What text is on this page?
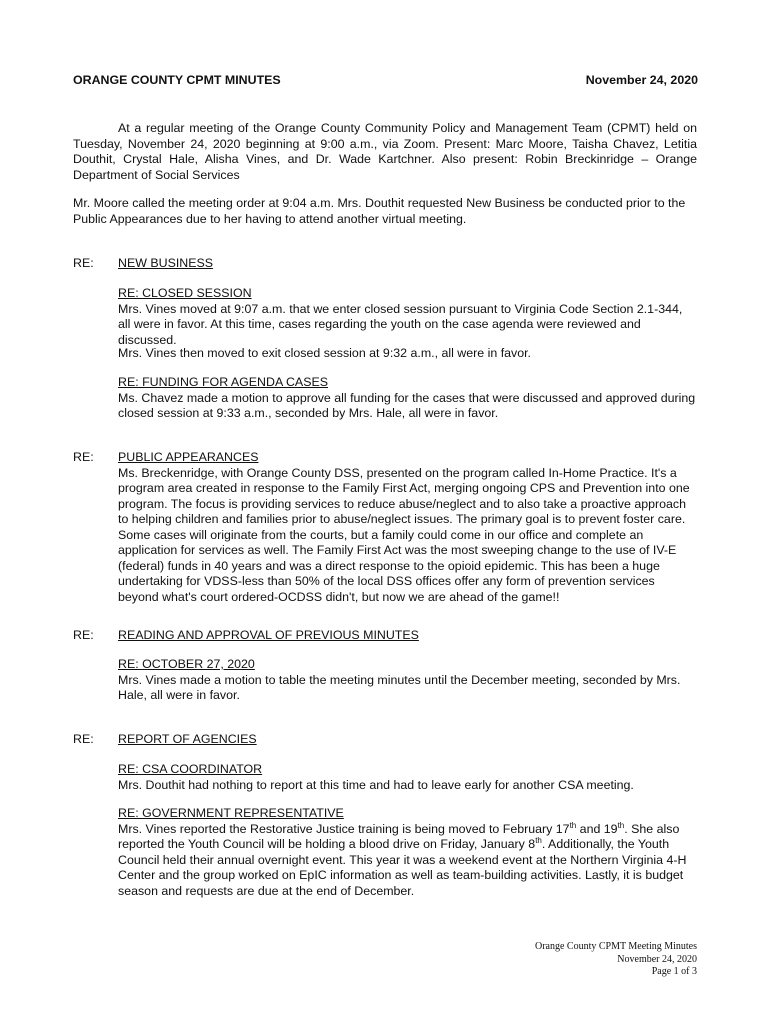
ORANGE COUNTY CPMT MINUTES	November 24, 2020

At a regular meeting of the Orange County Community Policy and Management Team (CPMT) held on Tuesday, November 24, 2020 beginning at 9:00 a.m., via Zoom. Present: Marc Moore, Taisha Chavez, Letitia Douthit, Crystal Hale, Alisha Vines, and Dr. Wade Kartchner. Also present: Robin Breckinridge – Orange Department of Social Services

Mr. Moore called the meeting order at 9:04 a.m. Mrs. Douthit requested New Business be conducted prior to the Public Appearances due to her having to attend another virtual meeting.

RE: NEW BUSINESS

RE: CLOSED SESSION

Mrs. Vines moved at 9:07 a.m. that we enter closed session pursuant to Virginia Code Section 2.1-344, all were in favor. At this time, cases regarding the youth on the case agenda were reviewed and discussed.

Mrs. Vines then moved to exit closed session at 9:32 a.m., all were in favor.

RE: FUNDING FOR AGENDA CASES

Ms. Chavez made a motion to approve all funding for the cases that were discussed and approved during closed session at 9:33 a.m., seconded by Mrs. Hale, all were in favor.

RE: PUBLIC APPEARANCES

Ms. Breckenridge, with Orange County DSS, presented on the program called In-Home Practice. It's a program area created in response to the Family First Act, merging ongoing CPS and Prevention into one program. The focus is providing services to reduce abuse/neglect and to also take a proactive approach to helping children and families prior to abuse/neglect issues. The primary goal is to prevent foster care. Some cases will originate from the courts, but a family could come in our office and complete an application for services as well. The Family First Act was the most sweeping change to the use of IV-E (federal) funds in 40 years and was a direct response to the opioid epidemic. This has been a huge undertaking for VDSS-less than 50% of the local DSS offices offer any form of prevention services beyond what's court ordered-OCDSS didn't, but now we are ahead of the game!!

RE: READING AND APPROVAL OF PREVIOUS MINUTES

RE: OCTOBER 27, 2020

Mrs. Vines made a motion to table the meeting minutes until the December meeting, seconded by Mrs. Hale, all were in favor.

RE: REPORT OF AGENCIES

RE: CSA COORDINATOR

Mrs. Douthit had nothing to report at this time and had to leave early for another CSA meeting.

RE: GOVERNMENT REPRESENTATIVE

Mrs. Vines reported the Restorative Justice training is being moved to February 17th and 19th. She also reported the Youth Council will be holding a blood drive on Friday, January 8th. Additionally, the Youth Council held their annual overnight event. This year it was a weekend event at the Northern Virginia 4-H Center and the group worked on EpIC information as well as team-building activities. Lastly, it is budget season and requests are due at the end of December.

Orange County CPMT Meeting Minutes
November 24, 2020
Page 1 of 3
